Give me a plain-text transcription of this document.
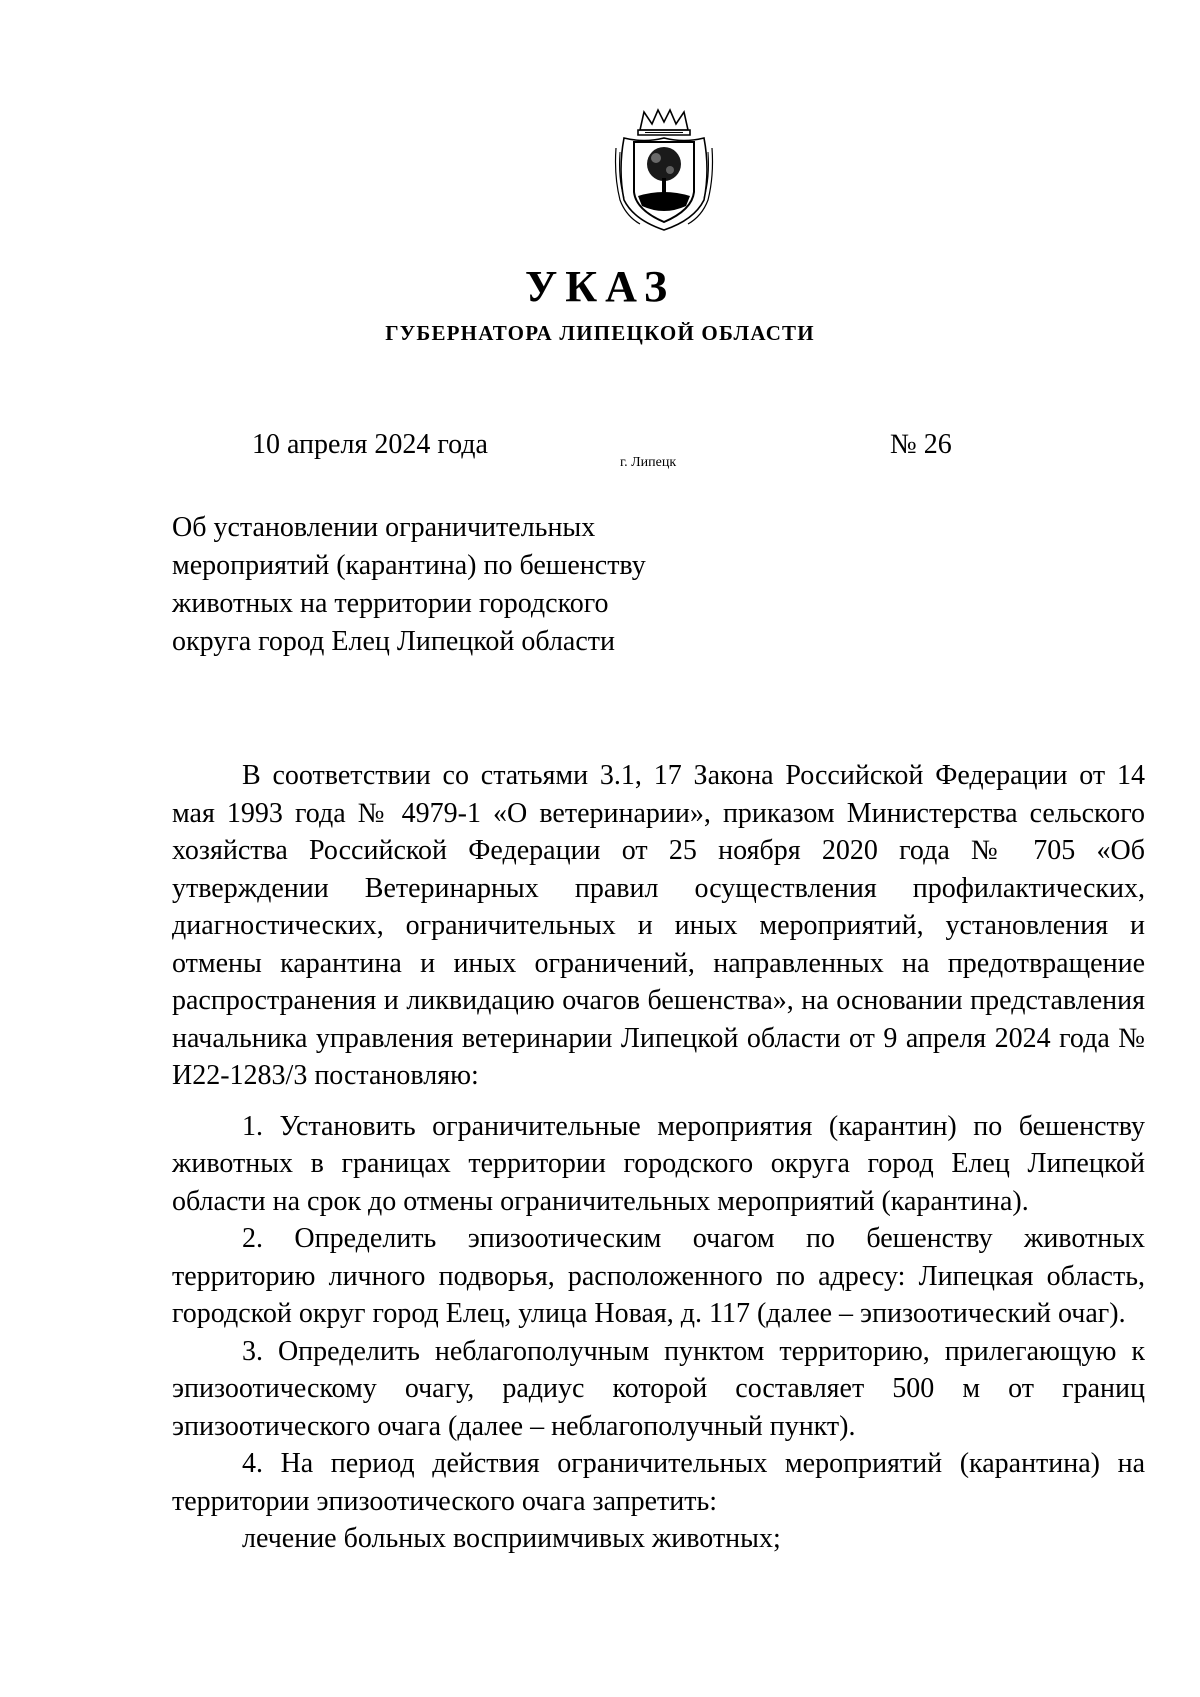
УКАЗ
ГУБЕРНАТОРА ЛИПЕЦКОЙ ОБЛАСТИ
10 апреля 2024 года
г. Липецк
№ 26
Об установлении ограничительных
мероприятий (карантина) по бешенству
животных на территории городского
округа город Елец Липецкой области

В соответствии со статьями 3.1, 17 Закона Российской Федерации от 14 мая 1993 года № 4979-1 «О ветеринарии», приказом Министерства сельского хозяйства Российской Федерации от 25 ноября 2020 года № 705 «Об утверждении Ветеринарных правил осуществления профилактических, диагностических, ограничительных и иных мероприятий, установления и отмены карантина и иных ограничений, направленных на предотвращение распространения и ликвидацию очагов бешенства», на основании представления начальника управления ветеринарии Липецкой области от 9 апреля 2024 года № И22-1283/3 постановляю:

1. Установить ограничительные мероприятия (карантин) по бешенству животных в границах территории городского округа город Елец Липецкой области на срок до отмены ограничительных мероприятий (карантина).

2. Определить эпизоотическим очагом по бешенству животных территорию личного подворья, расположенного по адресу: Липецкая область, городской округ город Елец, улица Новая, д. 117 (далее – эпизоотический очаг).

3. Определить неблагополучным пунктом территорию, прилегающую к эпизоотическому очагу, радиус которой составляет 500 м от границ эпизоотического очага (далее – неблагополучный пункт).

4. На период действия ограничительных мероприятий (карантина) на территории эпизоотического очага запретить:

лечение больных восприимчивых животных;
